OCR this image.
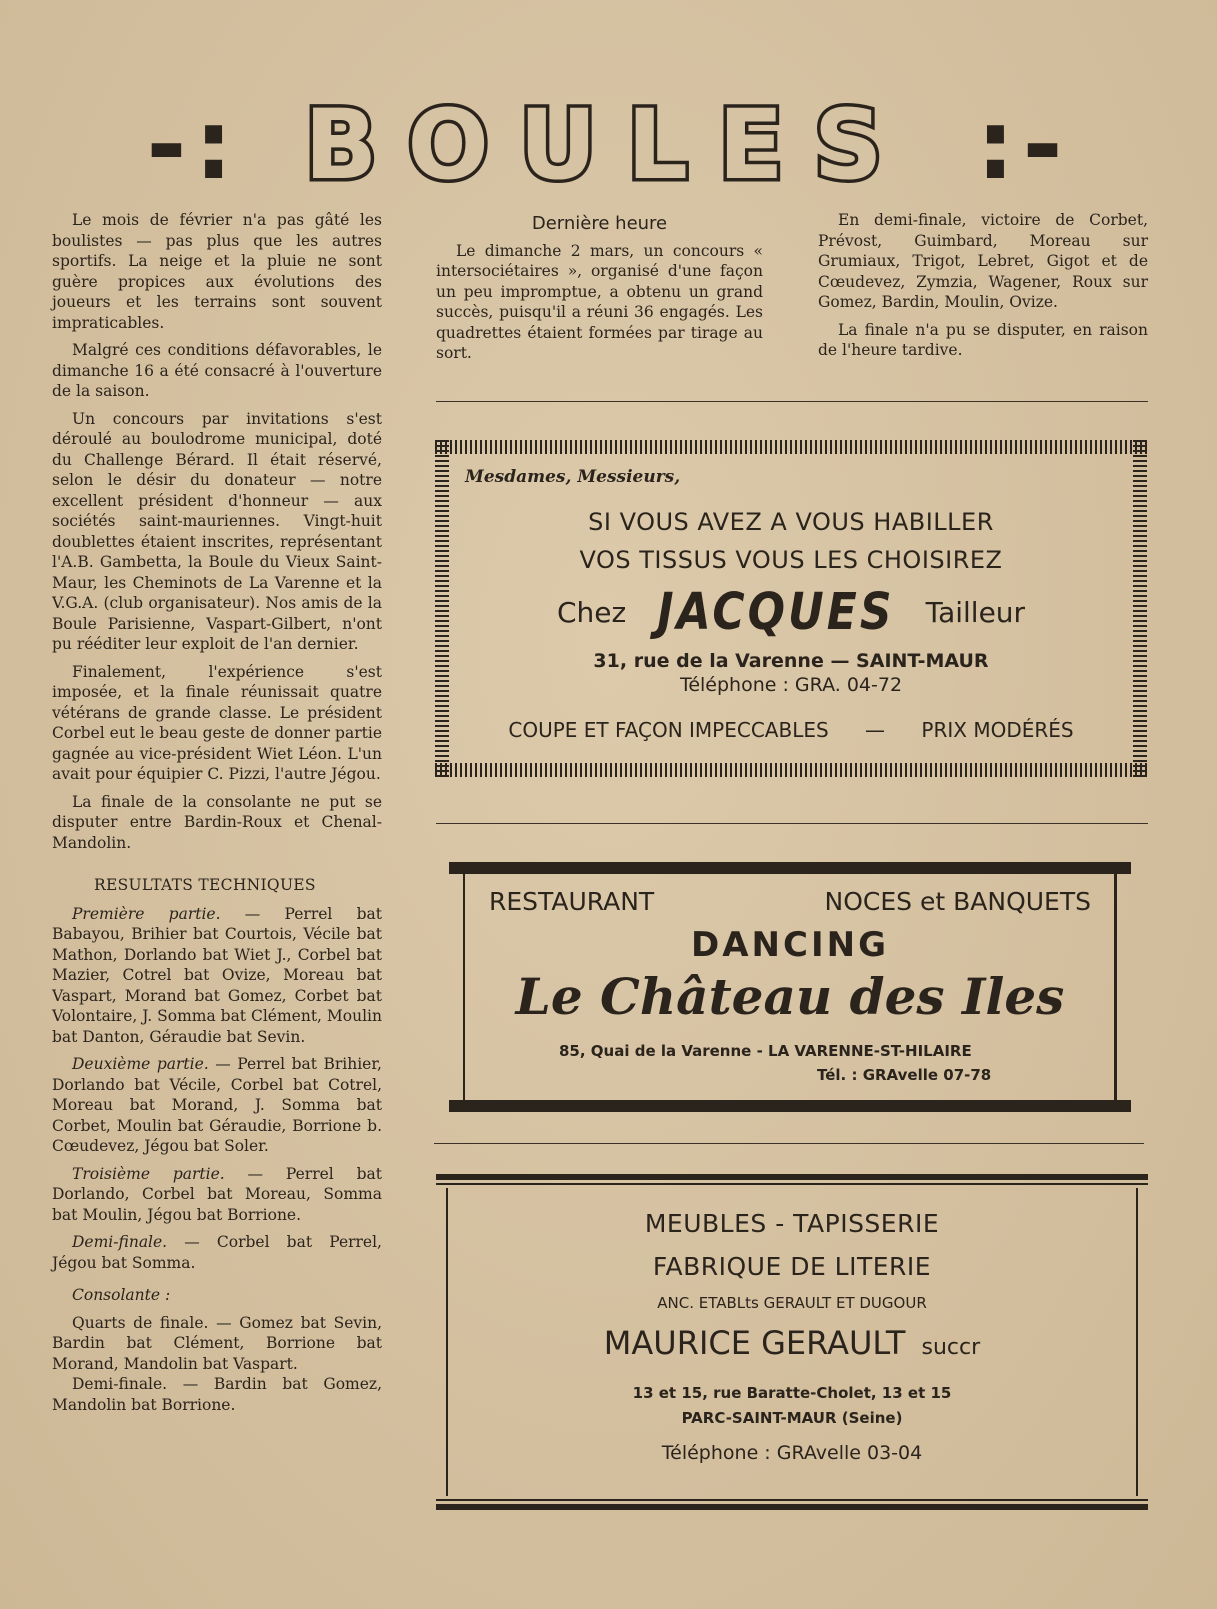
-: BOULES :-

Le mois de février n'a pas gâté les boulistes — pas plus que les autres sportifs. La neige et la pluie ne sont guère propices aux évolutions des joueurs et les terrains sont souvent impraticables.

Malgré ces conditions défavorables, le dimanche 16 a été consacré à l'ouverture de la saison.

Un concours par invitations s'est déroulé au boulodrome municipal, doté du Challenge Bérard. Il était réservé, selon le désir du donateur — notre excellent président d'honneur — aux sociétés saint-mauriennes. Vingt-huit doublettes étaient inscrites, représentant l'A.B. Gambetta, la Boule du Vieux Saint-Maur, les Cheminots de La Varenne et la V.G.A. (club organisateur). Nos amis de la Boule Parisienne, Vaspart-Gilbert, n'ont pu rééditer leur exploit de l'an dernier.

Finalement, l'expérience s'est imposée, et la finale réunissait quatre vétérans de grande classe. Le président Corbel eut le beau geste de donner partie gagnée au vice-président Wiet Léon. L'un avait pour équipier C. Pizzi, l'autre Jégou.

La finale de la consolante ne put se disputer entre Bardin-Roux et Chenal-Mandolin.

RESULTATS TECHNIQUES

Première partie. — Perrel bat Babayou, Brihier bat Courtois, Vécile bat Mathon, Dorlando bat Wiet J., Corbel bat Mazier, Cotrel bat Ovize, Moreau bat Vaspart, Morand bat Gomez, Corbet bat Volontaire, J. Somma bat Clément, Moulin bat Danton, Géraudie bat Sevin.

Deuxième partie. — Perrel bat Brihier, Dorlando bat Vécile, Corbel bat Cotrel, Moreau bat Morand, J. Somma bat Corbet, Moulin bat Géraudie, Borrione b. Cœudevez, Jégou bat Soler.

Troisième partie. — Perrel bat Dorlando, Corbel bat Moreau, Somma bat Moulin, Jégou bat Borrione.

Demi-finale. — Corbel bat Perrel, Jégou bat Somma.

Consolante :

Quarts de finale. — Gomez bat Sevin, Bardin bat Clément, Borrione bat Morand, Mandolin bat Vaspart.

Demi-finale. — Bardin bat Gomez, Mandolin bat Borrione.

Dernière heure

Le dimanche 2 mars, un concours « intersociétaires », organisé d'une façon un peu impromptue, a obtenu un grand succès, puisqu'il a réuni 36 engagés. Les quadrettes étaient formées par tirage au sort.

En demi-finale, victoire de Corbet, Prévost, Guimbard, Moreau sur Grumiaux, Trigot, Lebret, Gigot et de Cœudevez, Zymzia, Wagener, Roux sur Gomez, Bardin, Moulin, Ovize.

La finale n'a pu se disputer, en raison de l'heure tardive.

Mesdames, Messieurs,
SI VOUS AVEZ A VOUS HABILLER
VOS TISSUS VOUS LES CHOISIREZ
Chez JACQUES Tailleur
31, rue de la Varenne — SAINT-MAUR
Téléphone : GRA. 04-72
COUPE ET FAÇON IMPECCABLES — PRIX MODÉRÉS
RESTAURANT	NOCES et BANQUETS
DANCING
Le Château des Iles
85, Quai de la Varenne - LA VARENNE-ST-HILAIRE
Tél. : GRAvelle 07-78
MEUBLES - TAPISSERIE
FABRIQUE DE LITERIE
ANC. ETABLts GERAULT ET DUGOUR
MAURICE GERAULT succr
13 et 15, rue Baratte-Cholet, 13 et 15
PARC-SAINT-MAUR (Seine)
Téléphone : GRAvelle 03-04
